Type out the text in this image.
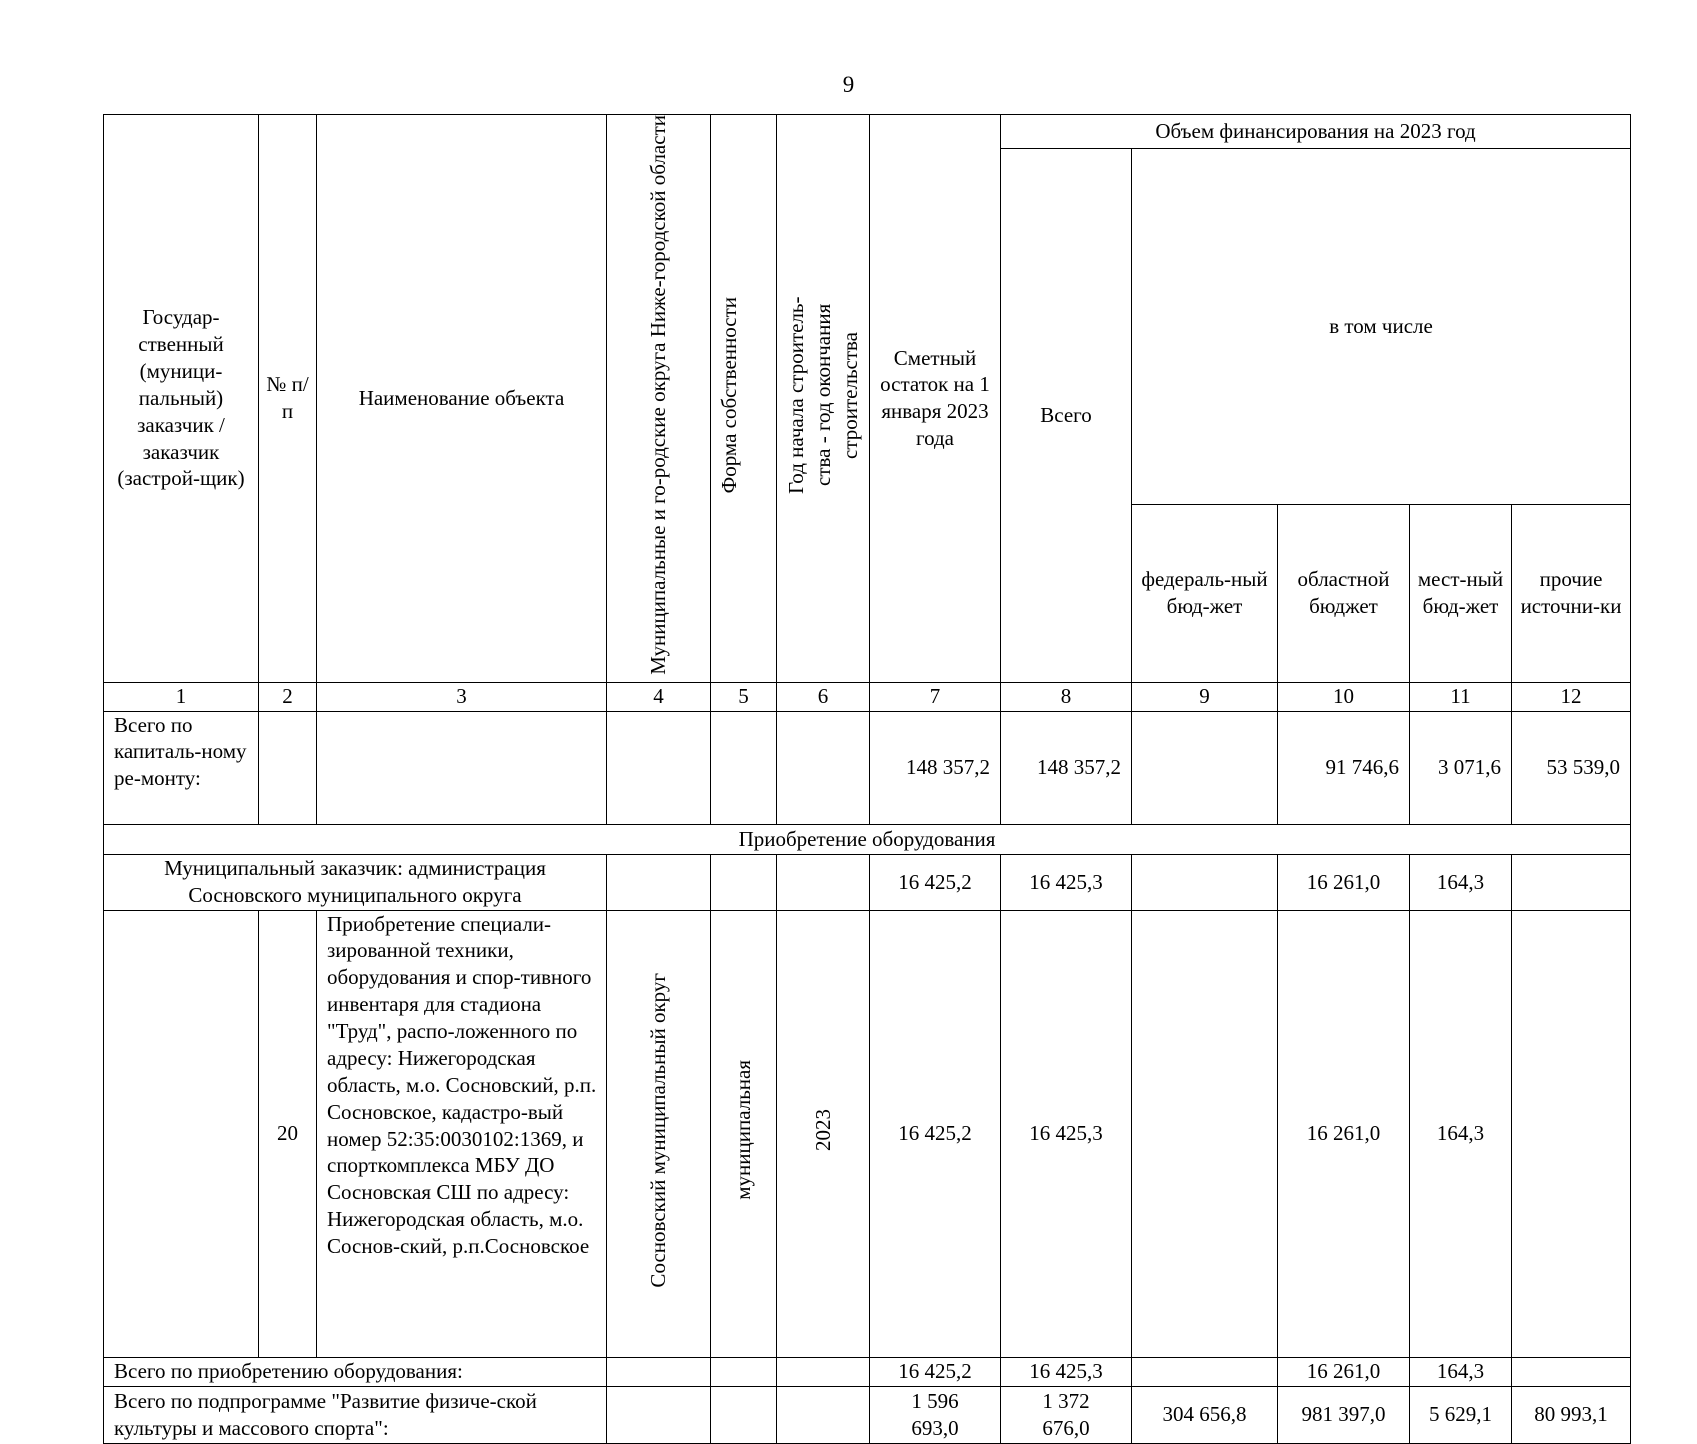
9
Государ-ственный (муници-пальный) заказчик / заказчик (застрой-щик)	№ п/п	Наименование объекта	Муниципальные и го-родские округа Ниже-городской области	Форма собственности	Год начала строитель-ства - год окончания строительства	Сметный остаток на 1 января 2023 года	Объем финансирования на 2023 год				
							Всего	в том числе			
								федераль-ный бюд-жет	областной бюджет	мест-ный бюд-жет	прочие источни-ки
1	2	3	4	5	6	7	8	9	10	11	12
Всего по капиталь-ному ре-монту:						148 357,2	148 357,2		91 746,6	3 071,6	53 539,0
Приобретение оборудования											
Муниципальный заказчик: администрация Сосновского муниципального округа						16 425,2	16 425,3		16 261,0	164,3	
	20	Приобретение специали-зированной техники, оборудования и спор-тивного инвентаря для стадиона "Труд", распо-ложенного по адресу: Нижегородская область, м.о. Сосновский, р.п. Сосновское, кадастро-вый номер 52:35:0030102:1369, и спорткомплекса МБУ ДО Сосновская СШ по адресу: Нижегородская область, м.о. Соснов-ский, р.п.Сосновское	Сосновский муниципальный округ	муниципальная	2023	16 425,2	16 425,3		16 261,0	164,3	
Всего по приобретению оборудования:						16 425,2	16 425,3		16 261,0	164,3	
Всего по подпрограмме "Развитие физиче-ской культуры и массового спорта":						1 596 693,0	1 372 676,0	304 656,8	981 397,0	5 629,1	80 993,1
